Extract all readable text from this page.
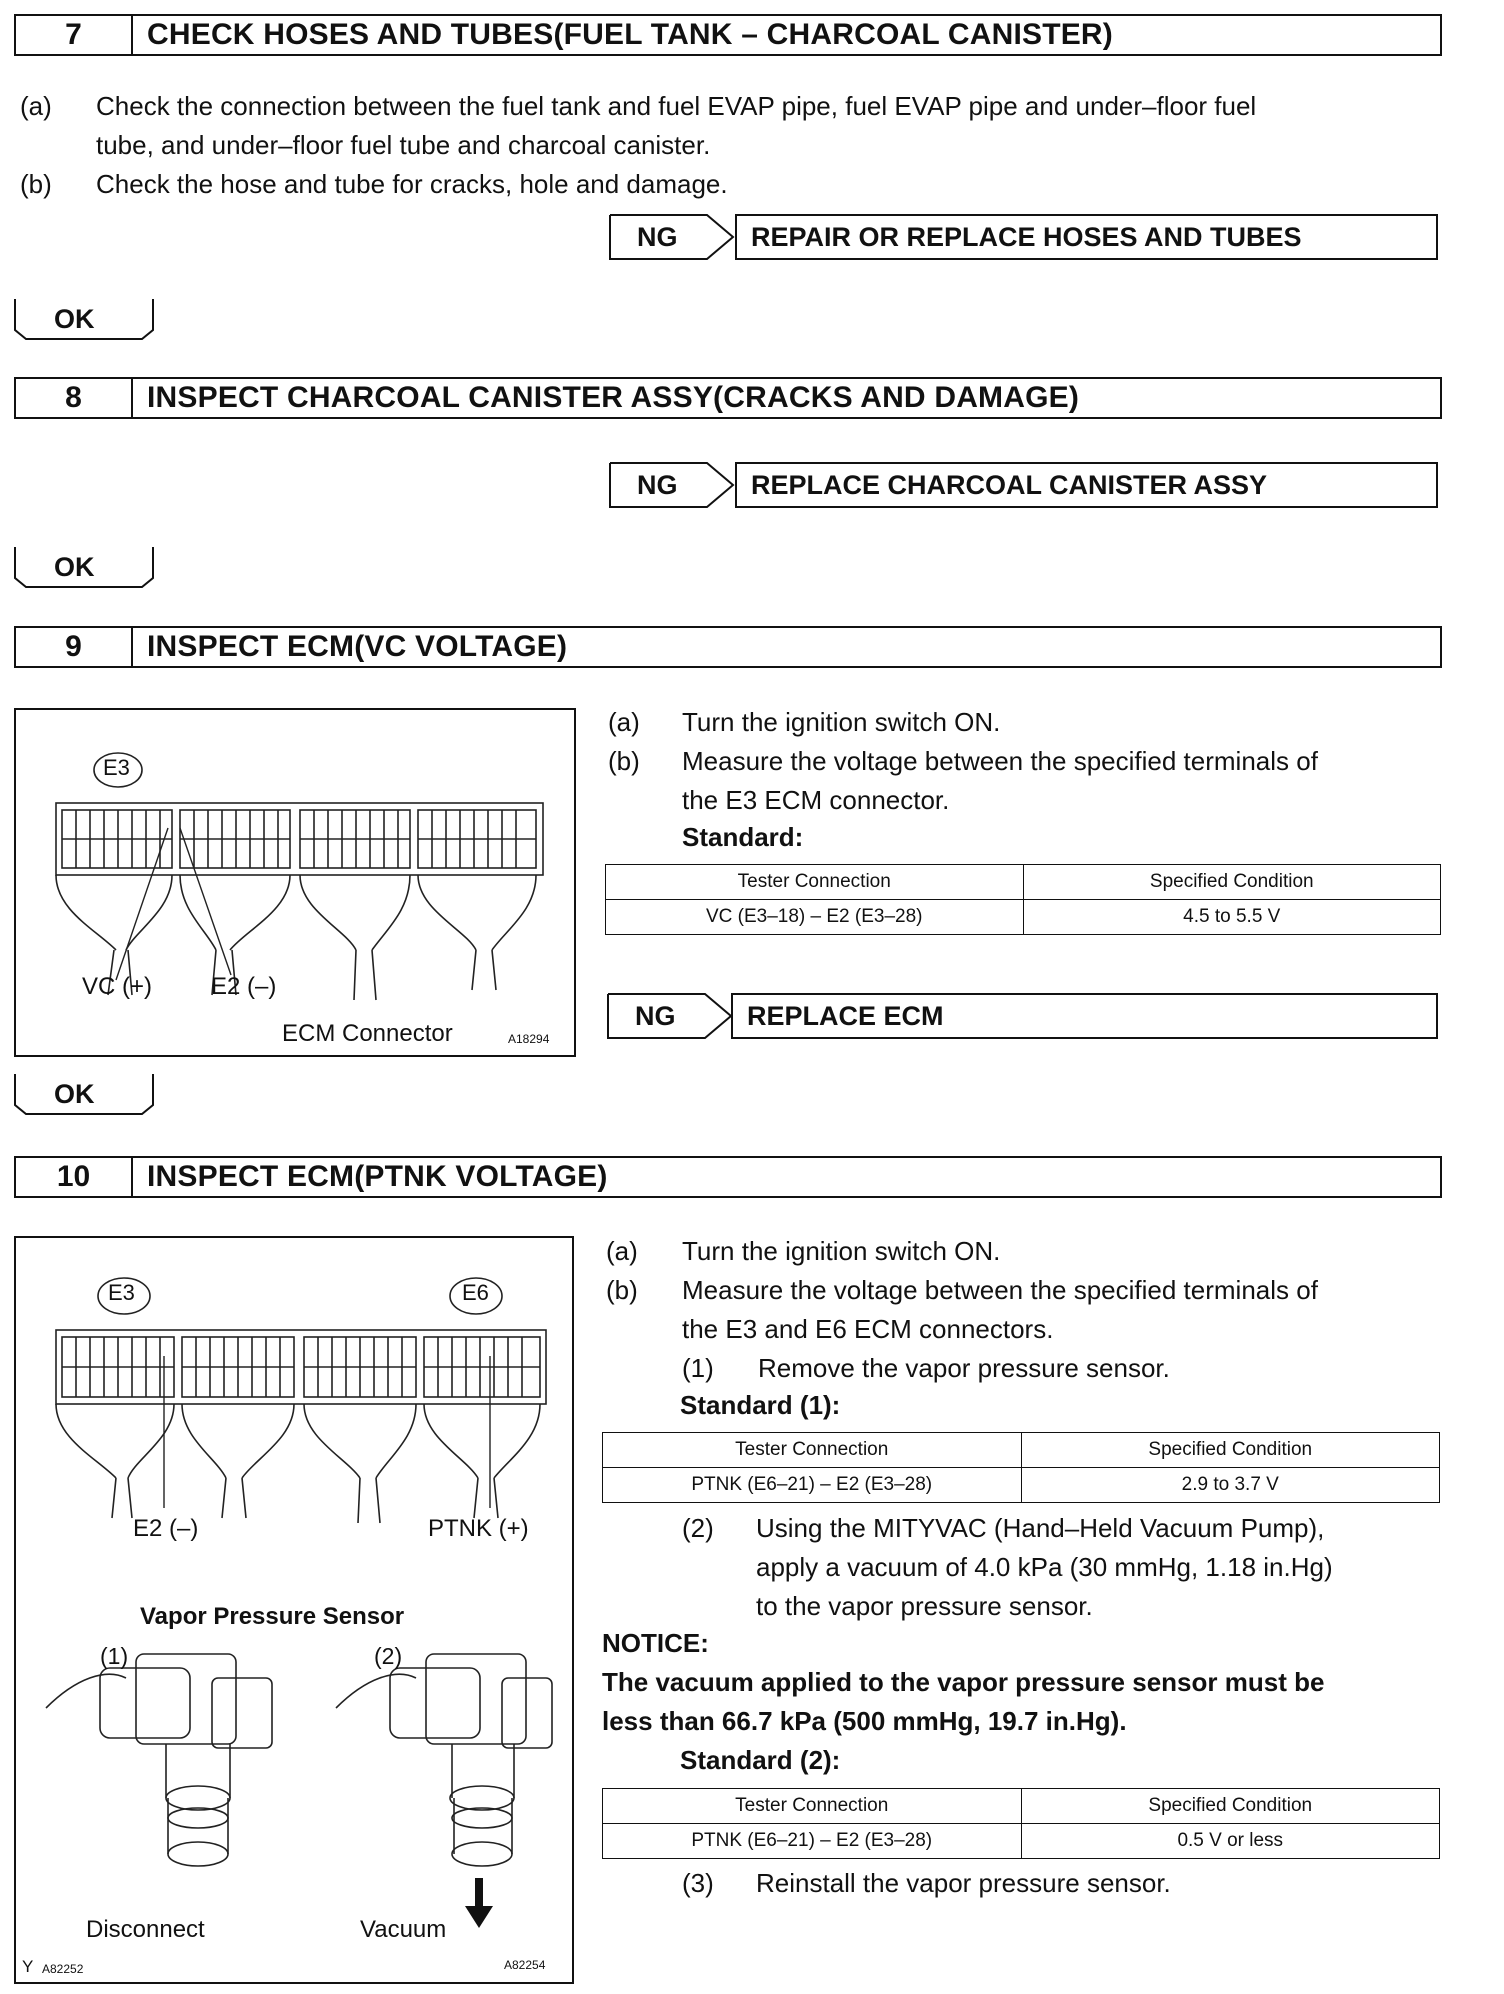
7	CHECK HOSES AND TUBES(FUEL TANK – CHARCOAL CANISTER)
(a) Check the connection between the fuel tank and fuel EVAP pipe, fuel EVAP pipe and under–floor fuel
tube, and under–floor fuel tube and charcoal canister.
(b) Check the hose and tube for cracks, hole and damage.
NG	REPAIR OR REPLACE HOSES AND TUBES
OK
8	INSPECT CHARCOAL CANISTER ASSY(CRACKS AND DAMAGE)
NG	REPLACE CHARCOAL CANISTER ASSY
OK
9	INSPECT ECM(VC VOLTAGE)
E3
VC (+) E2 (–)
ECM Connector	A18294
(a) Turn the ignition switch ON.
(b) Measure the voltage between the specified terminals of
the E3 ECM connector.
Standard:
Tester Connection	Specified Condition
VC (E3–18) – E2 (E3–28)	4.5 to 5.5 V
NG	REPLACE ECM
OK
10	INSPECT ECM(PTNK VOLTAGE)
E3	E6
E2 (–)	PTNK (+)
Vapor Pressure Sensor
(1)	(2)
Disconnect	Vacuum
Y A82252	A82254
(a) Turn the ignition switch ON.
(b) Measure the voltage between the specified terminals of
the E3 and E6 ECM connectors.
(1) Remove the vapor pressure sensor.
Standard (1):
Tester Connection	Specified Condition
PTNK (E6–21) – E2 (E3–28)	2.9 to 3.7 V
(2) Using the MITYVAC (Hand–Held Vacuum Pump),
apply a vacuum of 4.0 kPa (30 mmHg, 1.18 in.Hg)
to the vapor pressure sensor.
NOTICE:
The vacuum applied to the vapor pressure sensor must be
less than 66.7 kPa (500 mmHg, 19.7 in.Hg).
Standard (2):
Tester Connection	Specified Condition
PTNK (E6–21) – E2 (E3–28)	0.5 V or less
(3) Reinstall the vapor pressure sensor.
